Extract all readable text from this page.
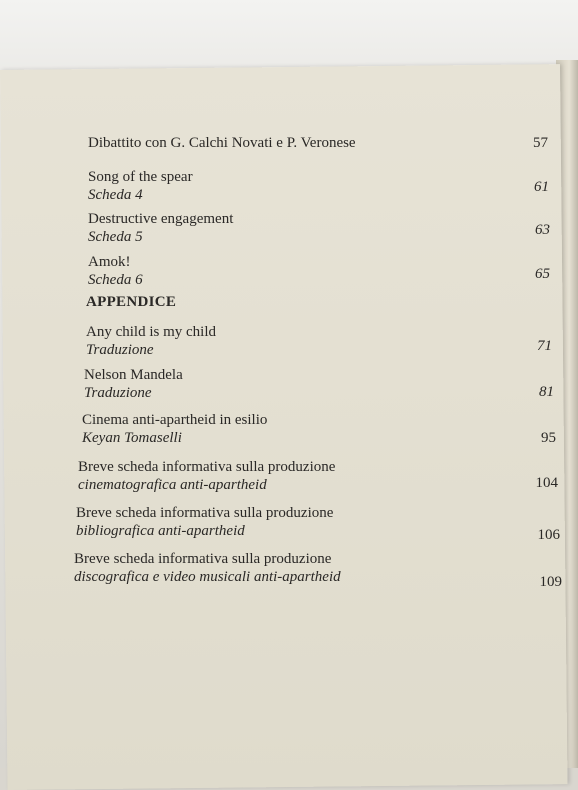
Dibattito con G. Calchi Novati e P. Veronese	57
Song of the spear
Scheda 4	61
Destructive engagement
Scheda 5	63
Amok!
Scheda 6	65
APPENDICE
Any child is my child
Traduzione	71
Nelson Mandela
Traduzione	81
Cinema anti-apartheid in esilio
Keyan Tomaselli	95
Breve scheda informativa sulla produzione
cinematografica anti-apartheid	104
Breve scheda informativa sulla produzione
bibliografica anti-apartheid	106
Breve scheda informativa sulla produzione
discografica e video musicali anti-apartheid	109
